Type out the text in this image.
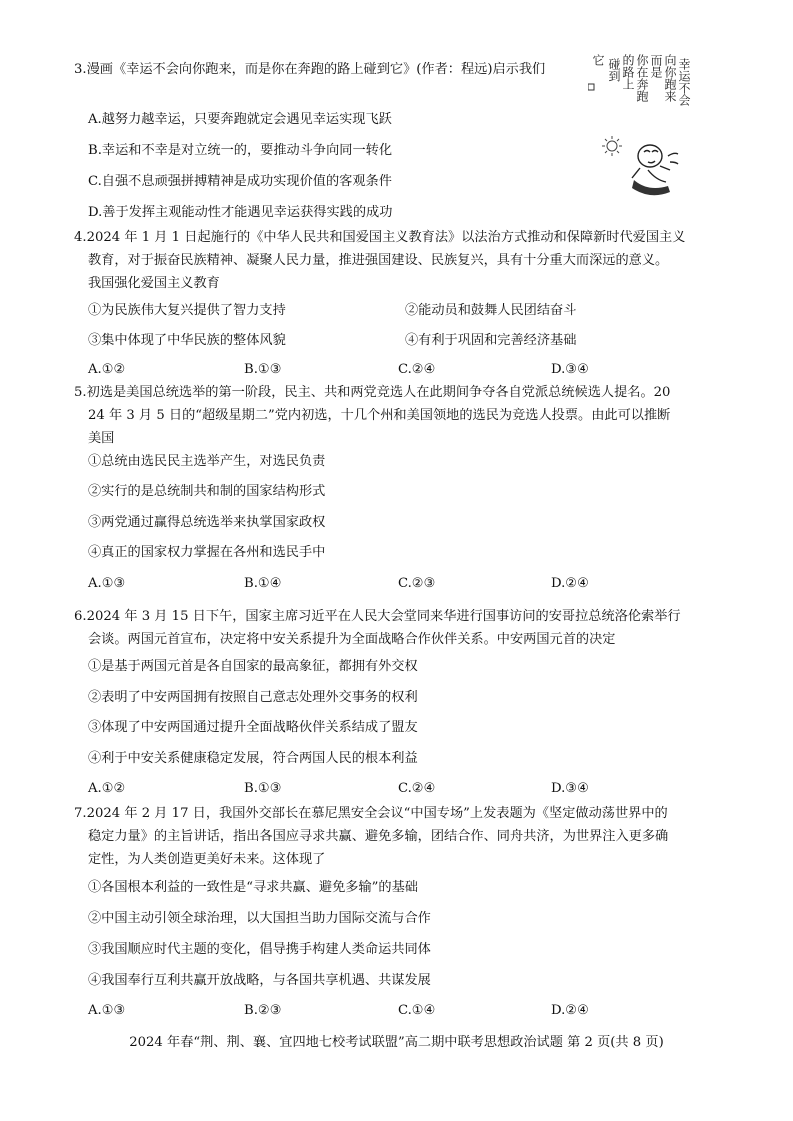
3.漫画《幸运不会向你跑来，而是你在奔跑的路上碰到它》(作者：程远)启示我们
A.越努力越幸运，只要奔跑就定会遇见幸运实现飞跃
B.幸运和不幸是对立统一的，要推动斗争向同一转化
C.自强不息顽强拼搏精神是成功实现价值的客观条件
D.善于发挥主观能动性才能遇见幸运获得实践的成功
幸运不会
向你跑来
而是
你在奔跑
的路上
碰到
它
4.2024 年 1 月 1 日起施行的《中华人民共和国爱国主义教育法》以法治方式推动和保障新时代爱国主义
教育，对于振奋民族精神、凝聚人民力量，推进强国建设、民族复兴，具有十分重大而深远的意义。
我国强化爱国主义教育
①为民族伟大复兴提供了智力支持	②能动员和鼓舞人民团结奋斗
③集中体现了中华民族的整体风貌	④有利于巩固和完善经济基础
A.①②	B.①③	C.②④	D.③④
5.初选是美国总统选举的第一阶段，民主、共和两党竞选人在此期间争夺各自党派总统候选人提名。20
24 年 3 月 5 日的“超级星期二”党内初选，十几个州和美国领地的选民为竞选人投票。由此可以推断
美国
①总统由选民民主选举产生，对选民负责
②实行的是总统制共和制的国家结构形式
③两党通过赢得总统选举来执掌国家政权
④真正的国家权力掌握在各州和选民手中
A.①③	B.①④	C.②③	D.②④
6.2024 年 3 月 15 日下午，国家主席习近平在人民大会堂同来华进行国事访问的安哥拉总统洛伦索举行
会谈。两国元首宣布，决定将中安关系提升为全面战略合作伙伴关系。中安两国元首的决定
①是基于两国元首是各自国家的最高象征，都拥有外交权
②表明了中安两国拥有按照自己意志处理外交事务的权利
③体现了中安两国通过提升全面战略伙伴关系结成了盟友
④利于中安关系健康稳定发展，符合两国人民的根本利益
A.①②	B.①③	C.②④	D.③④
7.2024 年 2 月 17 日，我国外交部长在慕尼黑安全会议“中国专场”上发表题为《坚定做动荡世界中的
稳定力量》的主旨讲话，指出各国应寻求共赢、避免多输，团结合作、同舟共济，为世界注入更多确
定性，为人类创造更美好未来。这体现了
①各国根本利益的一致性是“寻求共赢、避免多输”的基础
②中国主动引领全球治理，以大国担当助力国际交流与合作
③我国顺应时代主题的变化，倡导携手构建人类命运共同体
④我国奉行互利共赢开放战略，与各国共享机遇、共谋发展
A.①③	B.②③	C.①④	D.②④
2024 年春“荆、荆、襄、宜四地七校考试联盟”高二期中联考思想政治试题 第 2 页(共 8 页)
